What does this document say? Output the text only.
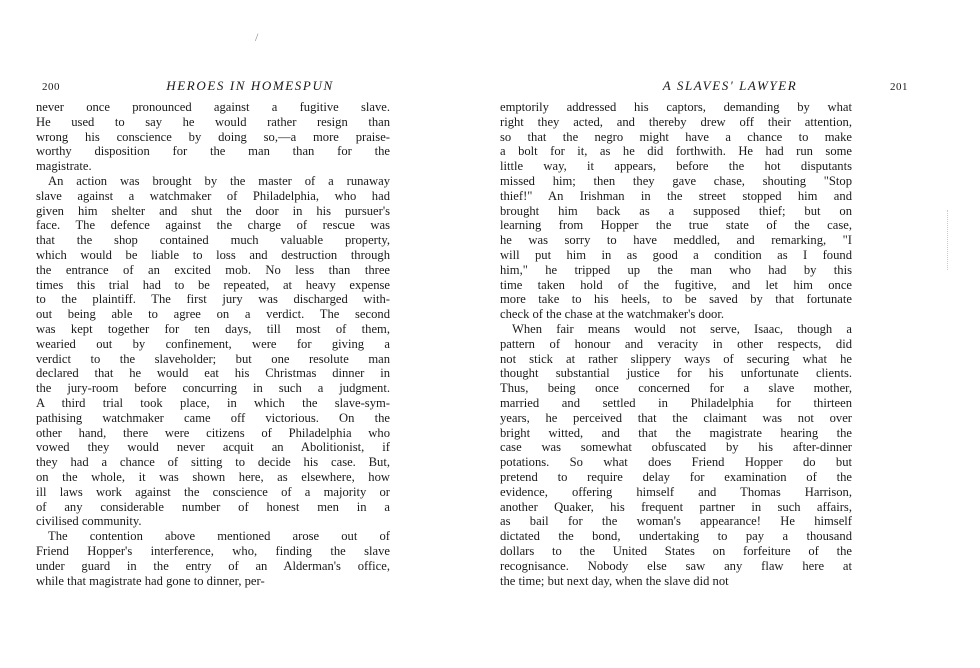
/
200	HEROES IN HOMESPUN
never once pronounced against a fugitive slave.
He used to say he would rather resign than
wrong his conscience by doing so,—a more praise-
worthy disposition for the man than for the
magistrate.
An action was brought by the master of a runaway
slave against a watchmaker of Philadelphia, who had
given him shelter and shut the door in his pursuer's
face. The defence against the charge of rescue was
that the shop contained much valuable property,
which would be liable to loss and destruction through
the entrance of an excited mob. No less than three
times this trial had to be repeated, at heavy expense
to the plaintiff. The first jury was discharged with-
out being able to agree on a verdict. The second
was kept together for ten days, till most of them,
wearied out by confinement, were for giving a
verdict to the slaveholder; but one resolute man
declared that he would eat his Christmas dinner in
the jury-room before concurring in such a judgment.
A third trial took place, in which the slave-sym-
pathising watchmaker came off victorious. On the
other hand, there were citizens of Philadelphia who
vowed they would never acquit an Abolitionist, if
they had a chance of sitting to decide his case. But,
on the whole, it was shown here, as elsewhere, how
ill laws work against the conscience of a majority or
of any considerable number of honest men in a
civilised community.
The contention above mentioned arose out of
Friend Hopper's interference, who, finding the slave
under guard in the entry of an Alderman's office,
while that magistrate had gone to dinner, per-
A SLAVES' LAWYER	201
emptorily addressed his captors, demanding by what
right they acted, and thereby drew off their attention,
so that the negro might have a chance to make
a bolt for it, as he did forthwith. He had run some
little way, it appears, before the hot disputants
missed him; then they gave chase, shouting "Stop
thief!" An Irishman in the street stopped him and
brought him back as a supposed thief; but on
learning from Hopper the true state of the case,
he was sorry to have meddled, and remarking, "I
will put him in as good a condition as I found
him," he tripped up the man who had by this
time taken hold of the fugitive, and let him once
more take to his heels, to be saved by that fortunate
check of the chase at the watchmaker's door.
When fair means would not serve, Isaac, though a
pattern of honour and veracity in other respects, did
not stick at rather slippery ways of securing what he
thought substantial justice for his unfortunate clients.
Thus, being once concerned for a slave mother,
married and settled in Philadelphia for thirteen
years, he perceived that the claimant was not over
bright witted, and that the magistrate hearing the
case was somewhat obfuscated by his after-dinner
potations. So what does Friend Hopper do but
pretend to require delay for examination of the
evidence, offering himself and Thomas Harrison,
another Quaker, his frequent partner in such affairs,
as bail for the woman's appearance! He himself
dictated the bond, undertaking to pay a thousand
dollars to the United States on forfeiture of the
recognisance. Nobody else saw any flaw here at
the time; but next day, when the slave did not
